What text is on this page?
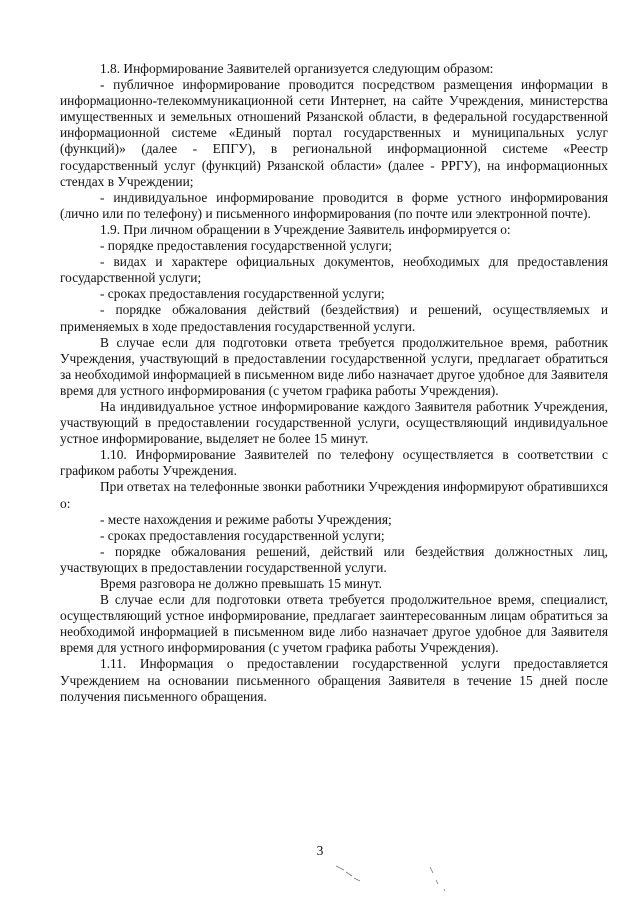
1.8. Информирование Заявителей организуется следующим образом:

- публичное информирование проводится посредством размещения информации в информационно-телекоммуникационной сети Интернет, на сайте Учреждения, министерства имущественных и земельных отношений Рязанской области, в федеральной государственной информационной системе «Единый портал государственных и муниципальных услуг (функций)» (далее - ЕПГУ), в региональной информационной системе «Реестр государственный услуг (функций) Рязанской области» (далее - РРГУ), на информационных стендах в Учреждении;

- индивидуальное информирование проводится в форме устного информирования (лично или по телефону) и письменного информирования (по почте или электронной почте).

1.9. При личном обращении в Учреждение Заявитель информируется о:

- порядке предоставления государственной услуги;

- видах и характере официальных документов, необходимых для предоставления государственной услуги;

- сроках предоставления государственной услуги;

- порядке обжалования действий (бездействия) и решений, осуществляемых и применяемых в ходе предоставления государственной услуги.

В случае если для подготовки ответа требуется продолжительное время, работник Учреждения, участвующий в предоставлении государственной услуги, предлагает обратиться за необходимой информацией в письменном виде либо назначает другое удобное для Заявителя время для устного информирования (с учетом графика работы Учреждения).

На индивидуальное устное информирование каждого Заявителя работник Учреждения, участвующий в предоставлении государственной услуги, осуществляющий индивидуальное устное информирование, выделяет не более 15 минут.

1.10. Информирование Заявителей по телефону осуществляется в соответствии с графиком работы Учреждения.

При ответах на телефонные звонки работники Учреждения информируют обратившихся о:

- месте нахождения и режиме работы Учреждения;

- сроках предоставления государственной услуги;

- порядке обжалования решений, действий или бездействия должностных лиц, участвующих в предоставлении государственной услуги.

Время разговора не должно превышать 15 минут.

В случае если для подготовки ответа требуется продолжительное время, специалист, осуществляющий устное информирование, предлагает заинтересованным лицам обратиться за необходимой информацией в письменном виде либо назначает другое удобное для Заявителя время для устного информирования (с учетом графика работы Учреждения).

1.11. Информация о предоставлении государственной услуги предоставляется Учреждением на основании письменного обращения Заявителя в течение 15 дней после получения письменного обращения.

3
